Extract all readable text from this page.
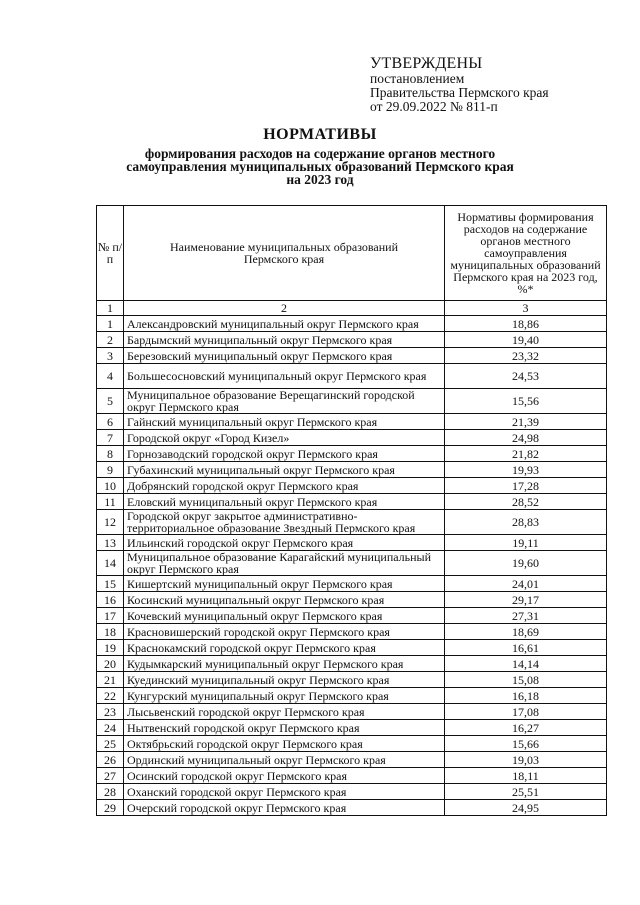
УТВЕРЖДЕНЫ
постановлением
Правительства Пермского края
от 29.09.2022 № 811-п
НОРМАТИВЫ
формирования расходов на содержание органов местного
самоуправления муниципальных образований Пермского края
на 2023 год
№ п/п	Наименование муниципальных образований Пермского края	Нормативы формирования расходов на содержание органов местного самоуправления муниципальных образований Пермского края на 2023 год, %*
1	2	3
1	Александровский муниципальный округ Пермского края	18,86
2	Бардымский муниципальный округ Пермского края	19,40
3	Березовский муниципальный округ Пермского края	23,32
4	Большесосновский муниципальный округ Пермского края	24,53
5	Муниципальное образование Верещагинский городской округ Пермского края	15,56
6	Гайнский муниципальный округ Пермского края	21,39
7	Городской округ «Город Кизел»	24,98
8	Горнозаводский городской округ Пермского края	21,82
9	Губахинский муниципальный округ Пермского края	19,93
10	Добрянский городской округ Пермского края	17,28
11	Еловский муниципальный округ Пермского края	28,52
12	Городской округ закрытое административно-территориальное образование Звездный Пермского края	28,83
13	Ильинский городской округ Пермского края	19,11
14	Муниципальное образование Карагайский муниципальный округ Пермского края	19,60
15	Кишертский муниципальный округ Пермского края	24,01
16	Косинский муниципальный округ Пермского края	29,17
17	Кочевский муниципальный округ Пермского края	27,31
18	Красновишерский городской округ Пермского края	18,69
19	Краснокамский городской округ Пермского края	16,61
20	Кудымкарский муниципальный округ Пермского края	14,14
21	Куединский муниципальный округ Пермского края	15,08
22	Кунгурский муниципальный округ Пермского края	16,18
23	Лысьвенский городской округ Пермского края	17,08
24	Нытвенский городской округ Пермского края	16,27
25	Октябрьский городской округ Пермского края	15,66
26	Ординский муниципальный округ Пермского края	19,03
27	Осинский городской округ Пермского края	18,11
28	Оханский городской округ Пермского края	25,51
29	Очерский городской округ Пермского края	24,95
